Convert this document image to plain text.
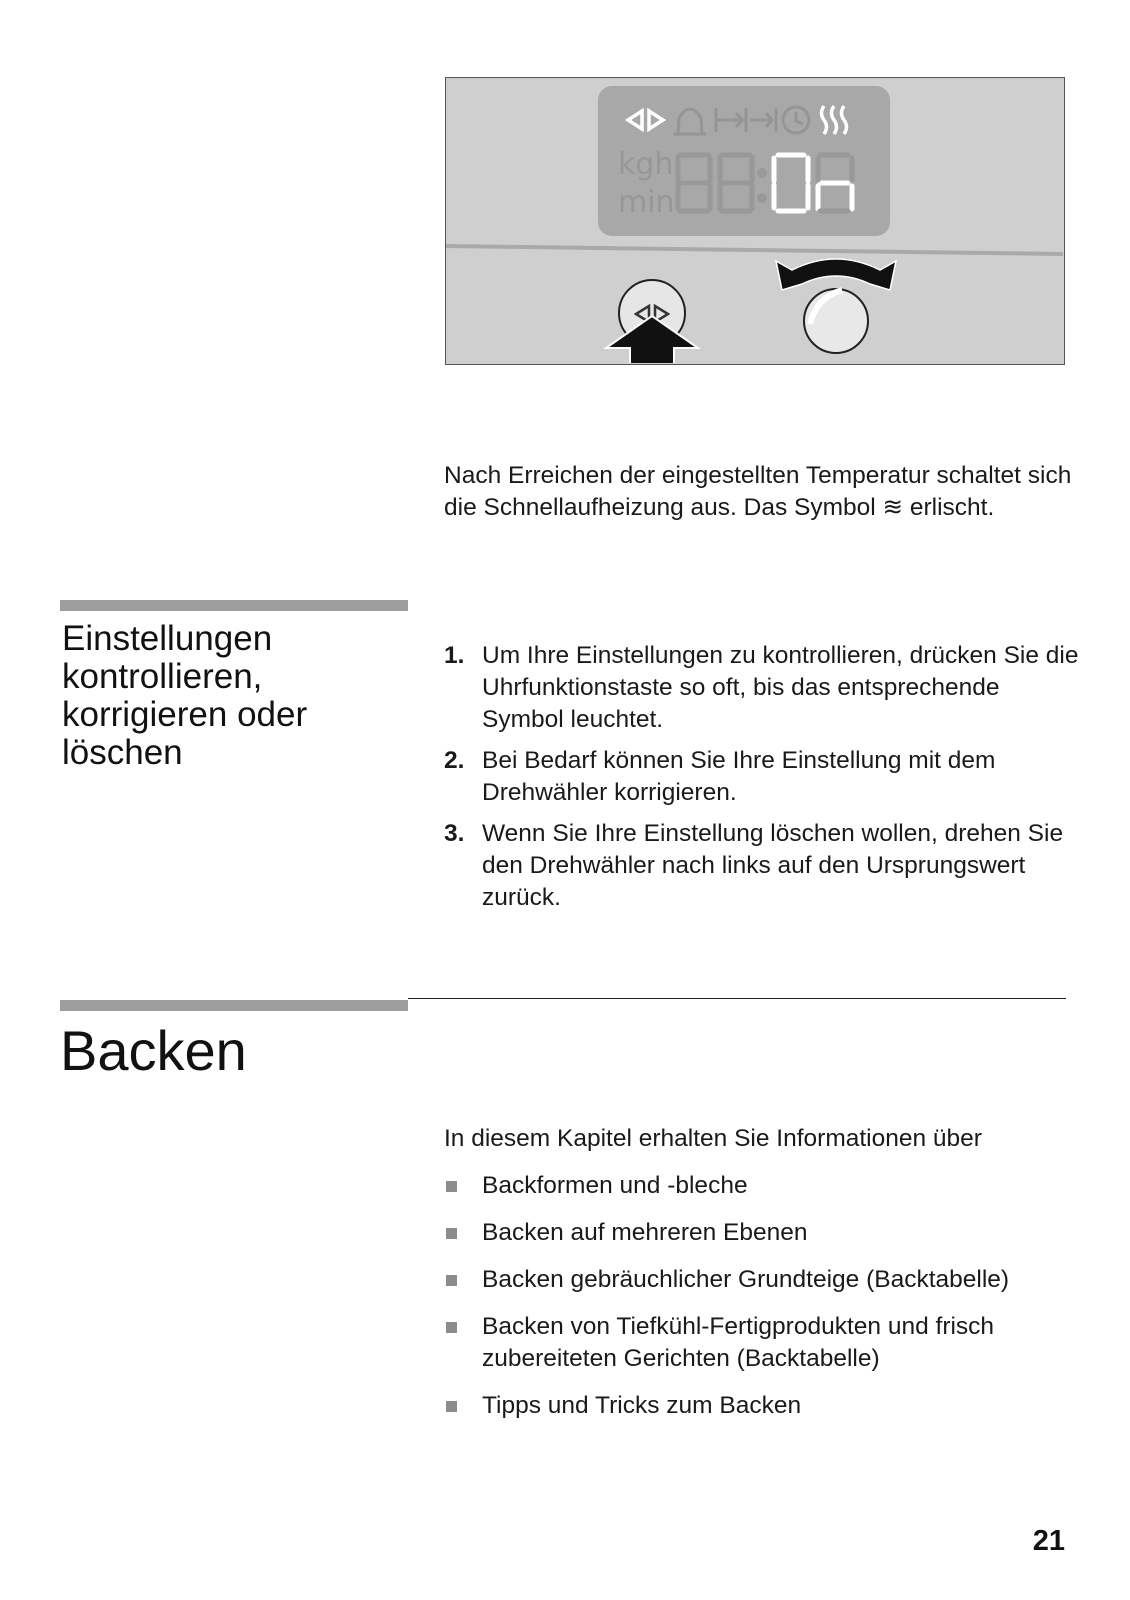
kgh
min

Nach Erreichen der eingestellten Temperatur schaltet sich die Schnellaufheizung aus. Das Symbol ≋ erlischt.

Einstellungen kontrollieren, korrigieren oder löschen
1. Um Ihre Einstellungen zu kontrollieren, drücken Sie die Uhrfunktionstaste so oft, bis das entsprechende Symbol leuchtet.
2. Bei Bedarf können Sie Ihre Einstellung mit dem Drehwähler korrigieren.
3. Wenn Sie Ihre Einstellung löschen wollen, drehen Sie den Drehwähler nach links auf den Ursprungswert zurück.
Backen

In diesem Kapitel erhalten Sie Informationen über

Backformen und -bleche
Backen auf mehreren Ebenen
Backen gebräuchlicher Grundteige (Backtabelle)
Backen von Tiefkühl-Fertigprodukten und frisch zubereiteten Gerichten (Backtabelle)
Tipps und Tricks zum Backen
21
